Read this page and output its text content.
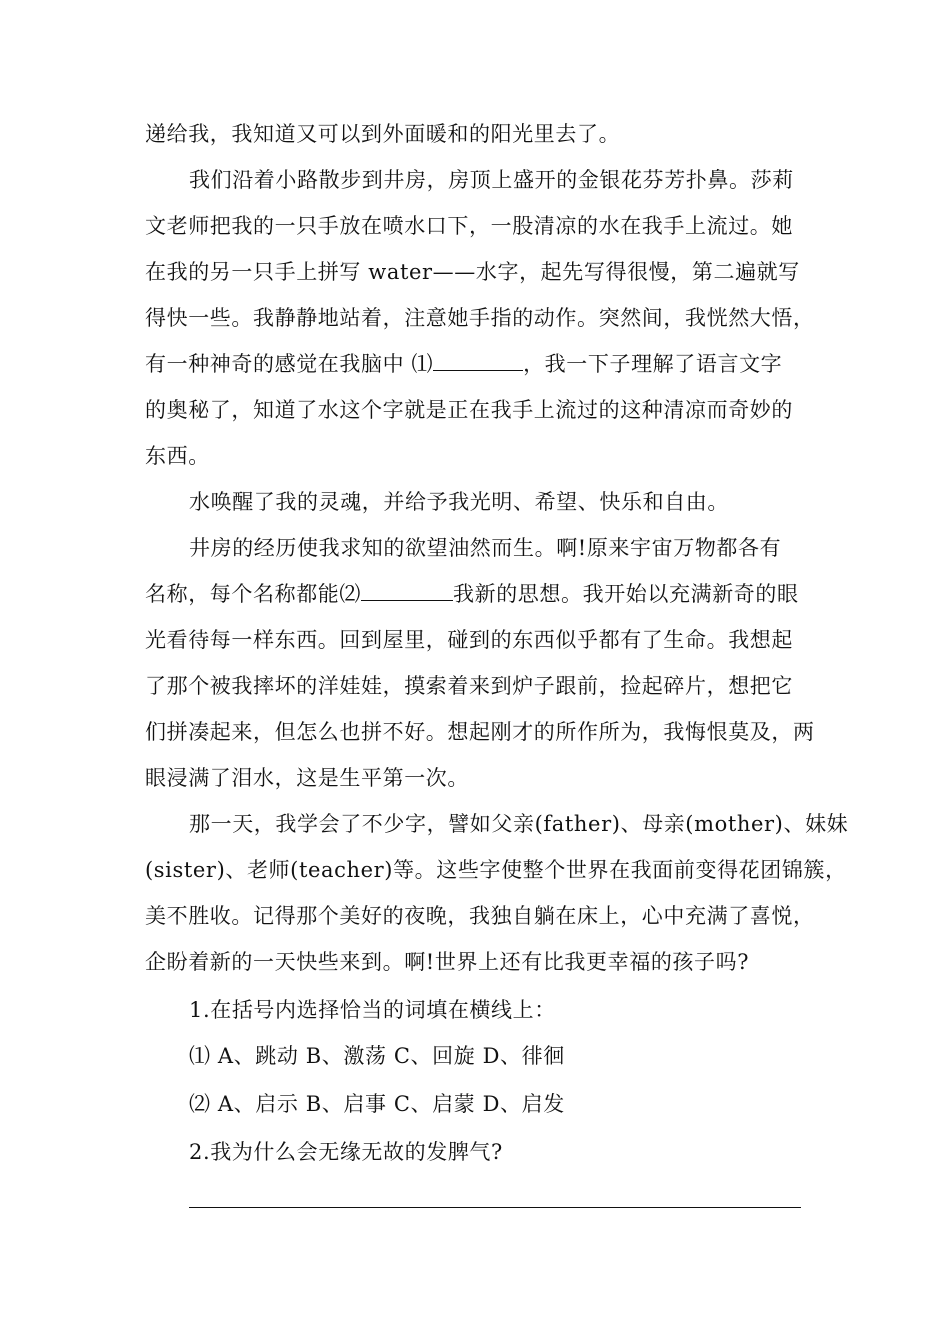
递给我，我知道又可以到外面暖和的阳光里去了。
我们沿着小路散步到井房，房顶上盛开的金银花芬芳扑鼻。莎莉
文老师把我的一只手放在喷水口下，一股清凉的水在我手上流过。她
在我的另一只手上拼写 water——水字，起先写得很慢，第二遍就写
得快一些。我静静地站着，注意她手指的动作。突然间，我恍然大悟，
有一种神奇的感觉在我脑中 ⑴	，我一下子理解了语言文字
的奥秘了，知道了水这个字就是正在我手上流过的这种清凉而奇妙的
东西。
水唤醒了我的灵魂，并给予我光明、希望、快乐和自由。
井房的经历使我求知的欲望油然而生。啊!原来宇宙万物都各有
名称，每个名称都能⑵	我新的思想。我开始以充满新奇的眼
光看待每一样东西。回到屋里，碰到的东西似乎都有了生命。我想起
了那个被我摔坏的洋娃娃，摸索着来到炉子跟前，捡起碎片，想把它
们拼凑起来，但怎么也拼不好。想起刚才的所作所为，我悔恨莫及，两
眼浸满了泪水，这是生平第一次。
那一天，我学会了不少字，譬如父亲(father)、母亲(mother)、妹妹
(sister)、老师(teacher)等。这些字使整个世界在我面前变得花团锦簇，
美不胜收。记得那个美好的夜晚，我独自躺在床上，心中充满了喜悦，
企盼着新的一天快些来到。啊!世界上还有比我更幸福的孩子吗?
1.在括号内选择恰当的词填在横线上：
⑴ A、跳动 B、激荡 C、回旋 D、徘徊
⑵ A、启示 B、启事 C、启蒙 D、启发
2.我为什么会无缘无故的发脾气?
